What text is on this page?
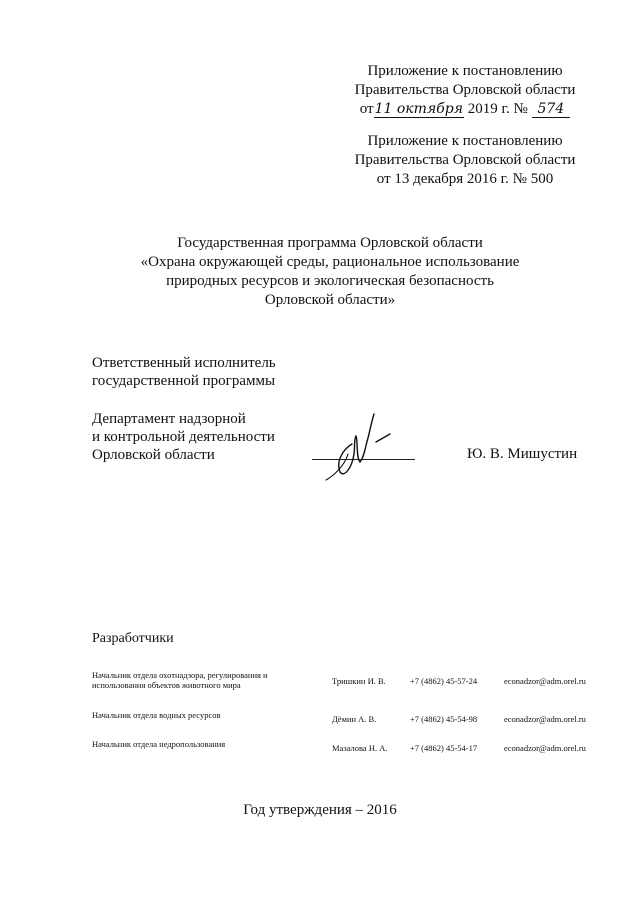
Приложение к постановлению
Правительства Орловской области
от11 октября 2019 г. № 574
Приложение к постановлению
Правительства Орловской области
от 13 декабря 2016 г. № 500
Государственная программа Орловской области
«Охрана окружающей среды, рациональное использование
природных ресурсов и экологическая безопасность
Орловской области»
Ответственный исполнитель
государственной программы
Департамент надзорной
и контрольной деятельности
Орловской области	Ю. В. Мишустин
Разработчики
Начальник отдела охотнадзора, регулирования и использования объектов животного мира	Тришкин И. В.	+7 (4862) 45-57-24	econadzor@adm.orel.ru
Начальник отдела водных ресурсов	Дёмин А. В.	+7 (4862) 45-54-98	econadzor@adm.orel.ru
Начальник отдела недропользования	Мазалова Н. А.	+7 (4862) 45-54-17	econadzor@adm.orel.ru
Год утверждения – 2016
